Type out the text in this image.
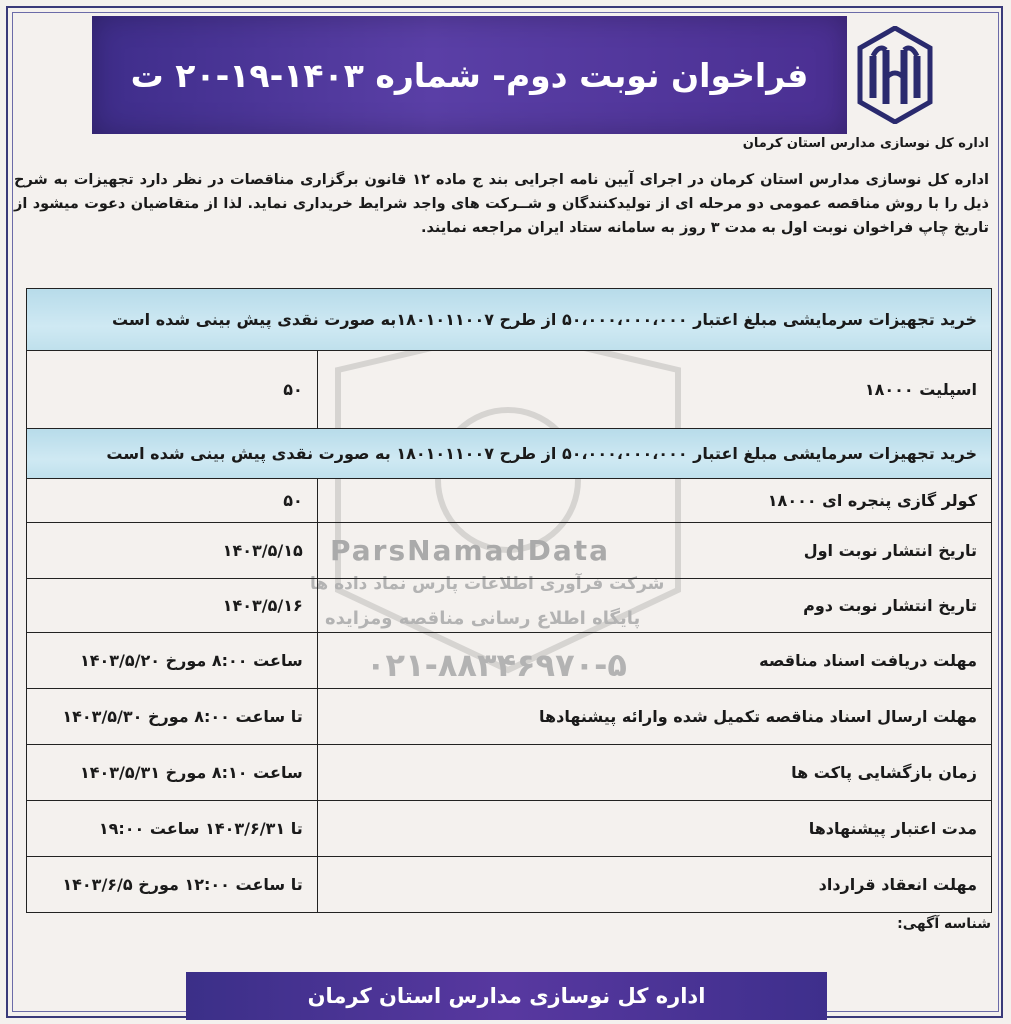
فراخوان نوبت دوم- شماره ۱۴۰۳-۱۹-۲۰ ت
اداره کل نوسازی مدارس استان کرمان
اداره کل نوسازی مدارس استان کرمان در اجرای آیین نامه اجرایی بند ج ماده ۱۲ قانون برگزاری مناقصات در نظر دارد تجهیزات به شرح ذیل را با روش مناقصه عمومی دو مرحله ای از تولیدکنندگان و شــرکت های واجد شرایط خریداری نماید. لذا از متقاضیان دعوت میشود از تاریخ چاپ فراخوان نوبت اول به مدت ۳ روز به سامانه ستاد ایران مراجعه نمایند.
ParsNamadData
شرکت فرآوری اطلاعات پارس نماد داده ها
پایگاه اطلاع رسانی مناقصه ومزایده
۰۲۱-۸۸۳۴۶۹۷۰-۵
خرید تجهیزات سرمایشی مبلغ اعتبار ۵۰،۰۰۰،۰۰۰،۰۰۰ از طرح ۱۸۰۱۰۱۱۰۰۷به صورت نقدی پیش بینی شده است	
اسپلیت ۱۸۰۰۰	۵۰
خرید تجهیزات سرمایشی مبلغ اعتبار ۵۰،۰۰۰،۰۰۰،۰۰۰ از طرح ۱۸۰۱۰۱۱۰۰۷ به صورت نقدی پیش بینی شده است	
کولر گازی پنجره ای ۱۸۰۰۰	۵۰
تاریخ انتشار نوبت اول	۱۴۰۳/۵/۱۵
تاریخ انتشار نوبت دوم	۱۴۰۳/۵/۱۶
مهلت دریافت اسناد مناقصه	ساعت ۸:۰۰ مورخ ۱۴۰۳/۵/۲۰
مهلت ارسال اسناد مناقصه تکمیل شده وارائه پیشنهادها	تا ساعت ۸:۰۰ مورخ ۱۴۰۳/۵/۳۰
زمان بازگشایی پاکت ها	ساعت ۸:۱۰ مورخ ۱۴۰۳/۵/۳۱
مدت اعتبار پیشنهادها	تا ۱۴۰۳/۶/۳۱ ساعت ۱۹:۰۰
مهلت انعقاد قرارداد	تا ساعت ۱۲:۰۰ مورخ ۱۴۰۳/۶/۵
شناسه آگهی:
اداره کل نوسازی مدارس استان کرمان
